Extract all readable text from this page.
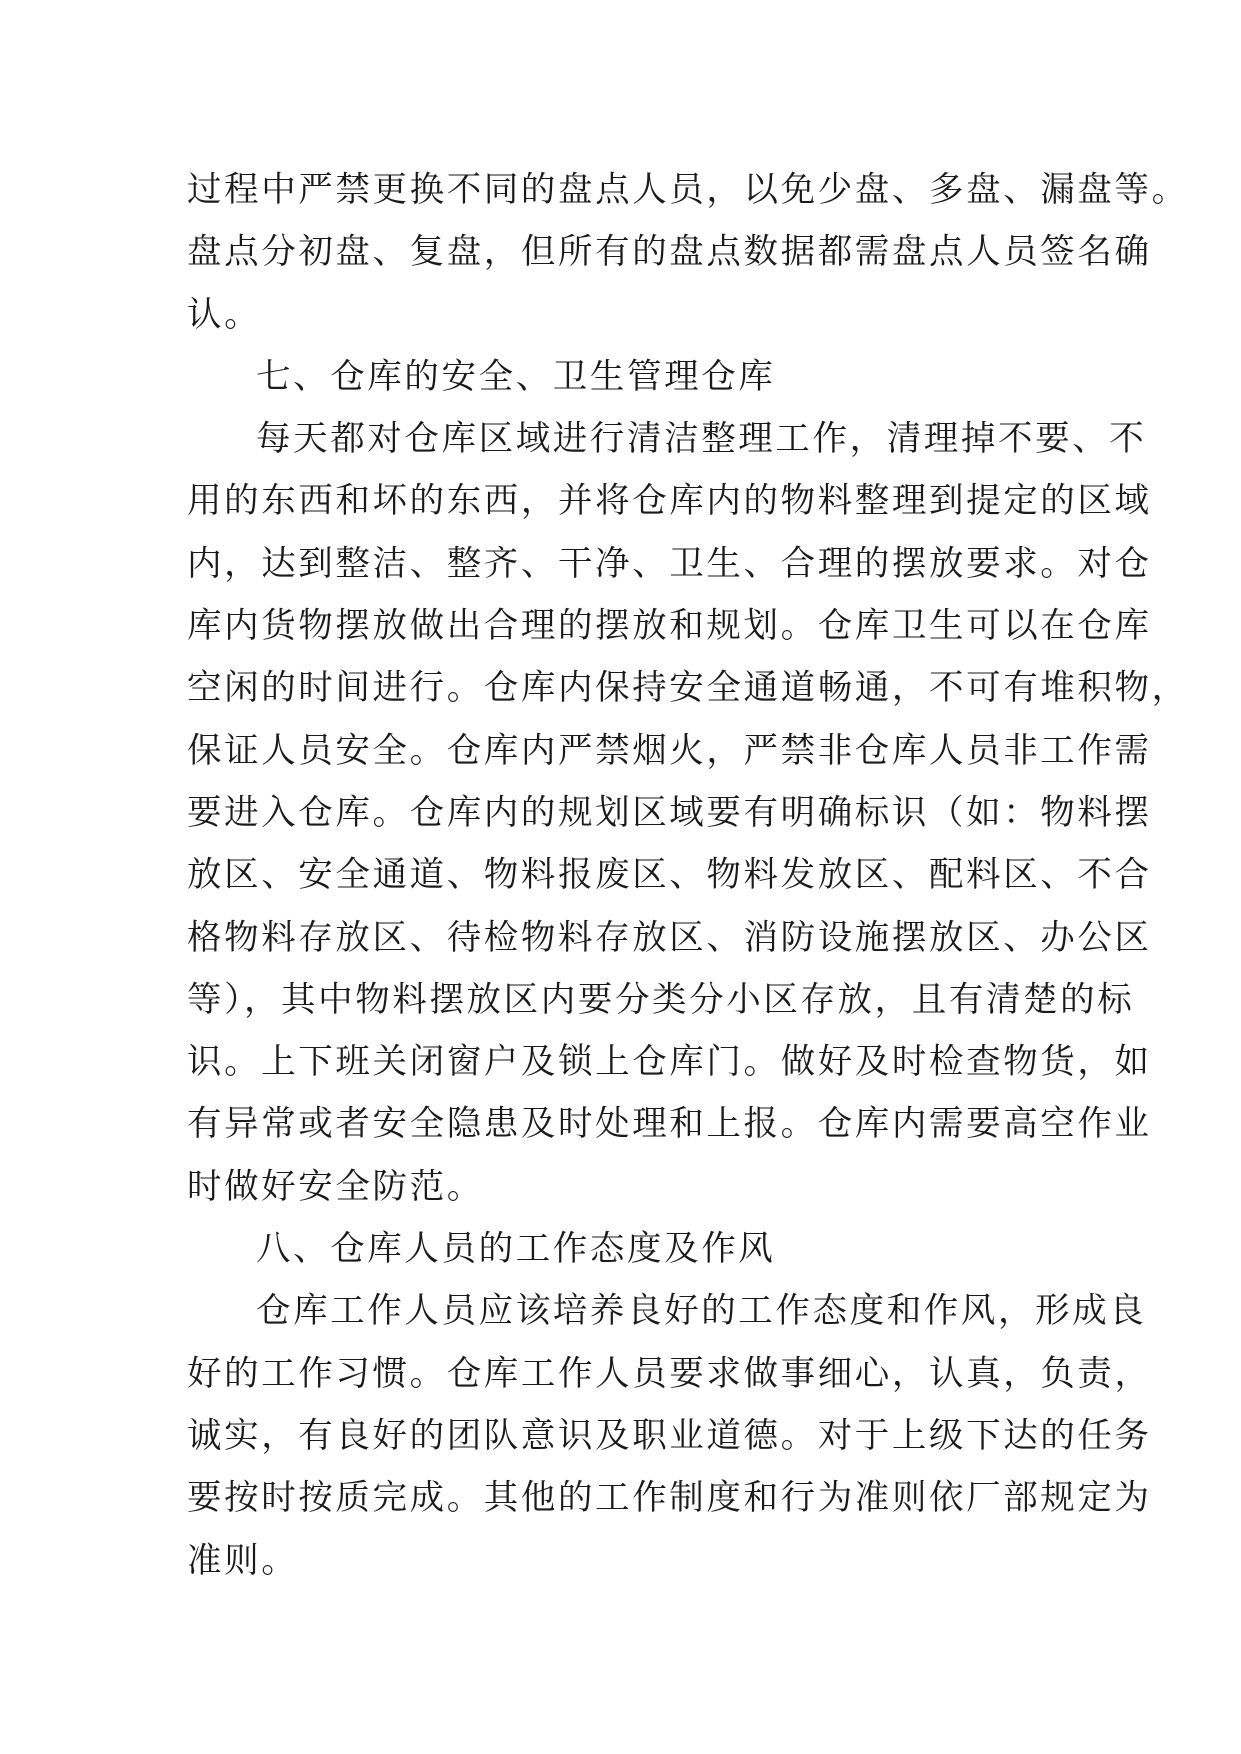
过程中严禁更换不同的盘点人员，以免少盘、多盘、漏盘等。
盘点分初盘、复盘，但所有的盘点数据都需盘点人员签名确
认。
七、仓库的安全、卫生管理仓库
每天都对仓库区域进行清洁整理工作，清理掉不要、不
用的东西和坏的东西，并将仓库内的物料整理到提定的区域
内，达到整洁、整齐、干净、卫生、合理的摆放要求。对仓
库内货物摆放做出合理的摆放和规划。仓库卫生可以在仓库
空闲的时间进行。仓库内保持安全通道畅通，不可有堆积物，
保证人员安全。仓库内严禁烟火，严禁非仓库人员非工作需
要进入仓库。仓库内的规划区域要有明确标识（如：物料摆
放区、安全通道、物料报废区、物料发放区、配料区、不合
格物料存放区、待检物料存放区、消防设施摆放区、办公区
等），其中物料摆放区内要分类分小区存放，且有清楚的标
识。上下班关闭窗户及锁上仓库门。做好及时检查物货，如
有异常或者安全隐患及时处理和上报。仓库内需要高空作业
时做好安全防范。
八、仓库人员的工作态度及作风
仓库工作人员应该培养良好的工作态度和作风，形成良
好的工作习惯。仓库工作人员要求做事细心，认真，负责，
诚实，有良好的团队意识及职业道德。对于上级下达的任务
要按时按质完成。其他的工作制度和行为准则依厂部规定为
准则。
